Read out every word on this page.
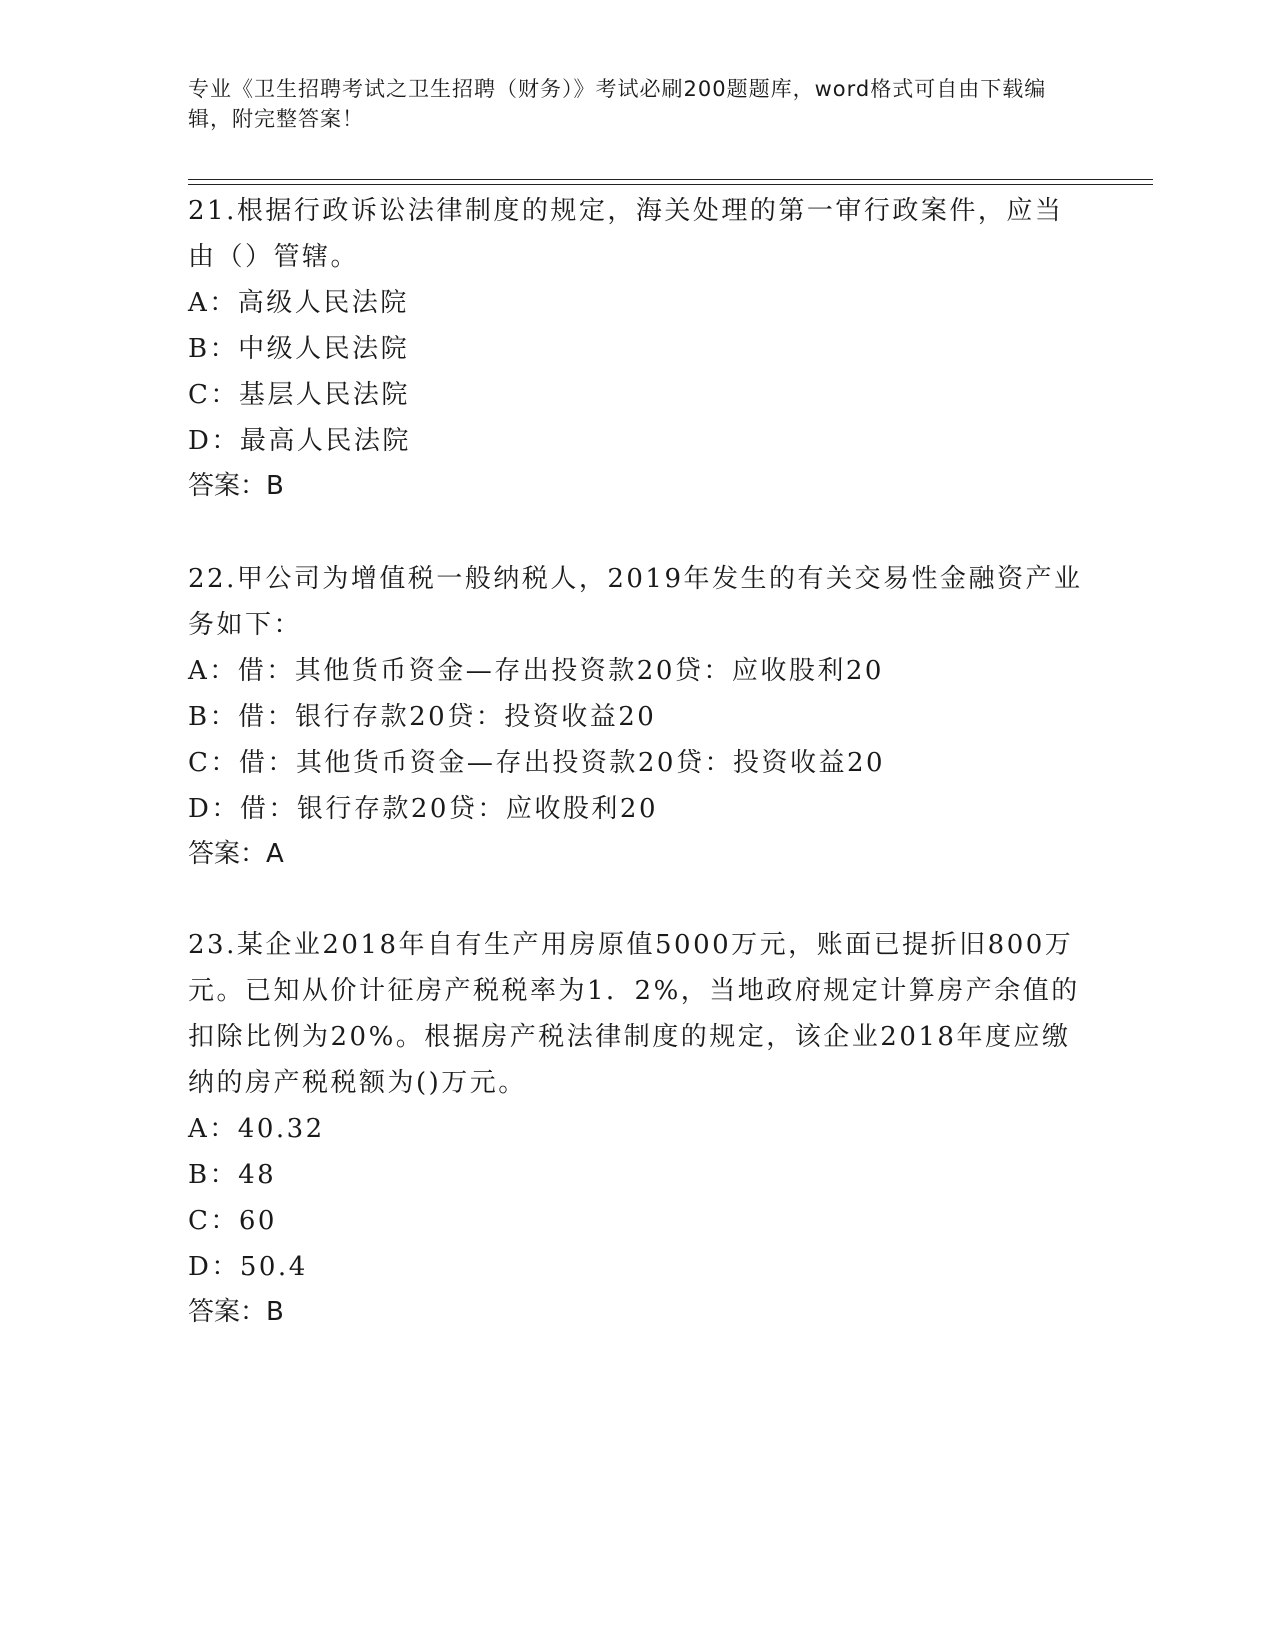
专业《卫生招聘考试之卫生招聘（财务）》考试必刷200题题库，word格式可自由下载编辑，附完整答案！

21.根据行政诉讼法律制度的规定，海关处理的第一审行政案件，应当由（）管辖。

A：高级人民法院

B：中级人民法院

C：基层人民法院

D：最高人民法院

答案：B

22.甲公司为增值税一般纳税人，2019年发生的有关交易性金融资产业务如下：

A：借：其他货币资金—存出投资款20贷：应收股利20

B：借：银行存款20贷：投资收益20

C：借：其他货币资金—存出投资款20贷：投资收益20

D：借：银行存款20贷：应收股利20

答案：A

23.某企业2018年自有生产用房原值5000万元，账面已提折旧800万元。已知从价计征房产税税率为1．2%，当地政府规定计算房产余值的扣除比例为20%。根据房产税法律制度的规定，该企业2018年度应缴纳的房产税税额为()万元。

A：40.32

B：48

C：60

D：50.4

答案：B
